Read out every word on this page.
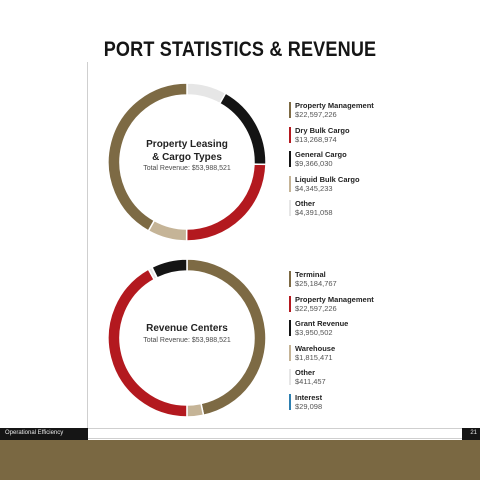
PORT STATISTICS & REVENUE
Property Leasing
& Cargo Types
Total Revenue: $53,988,521
Property Management
$22,597,226
Dry Bulk Cargo
$13,268,974
General Cargo
$9,366,030
Liquid Bulk Cargo
$4,345,233
Other
$4,391,058
Revenue Centers
Total Revenue: $53,988,521
Terminal
$25,184,767
Property Management
$22,597,226
Grant Revenue
$3,950,502
Warehouse
$1,815,471
Other
$411,457
Interest
$29,098
Operational Efficiency	21
